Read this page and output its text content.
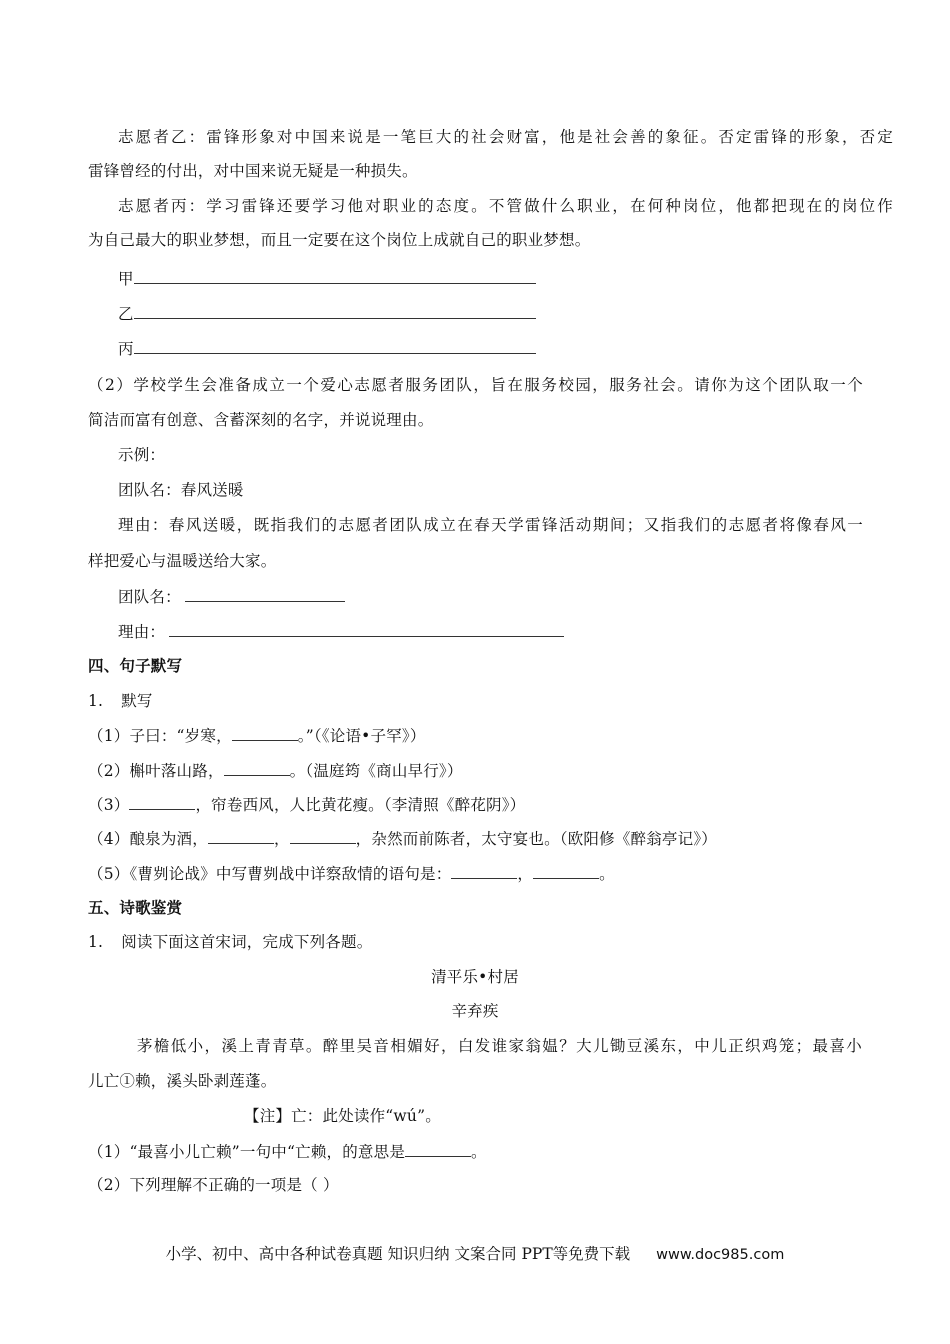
志愿者乙：雷锋形象对中国来说是一笔巨大的社会财富，他是社会善的象征。否定雷锋的形象，否定
雷锋曾经的付出，对中国来说无疑是一种损失。
志愿者丙：学习雷锋还要学习他对职业的态度。不管做什么职业，在何种岗位，他都把现在的岗位作
为自己最大的职业梦想，而且一定要在这个岗位上成就自己的职业梦想。
甲
乙
丙
（2）学校学生会准备成立一个爱心志愿者服务团队，旨在服务校园，服务社会。请你为这个团队取一个
简洁而富有创意、含蓄深刻的名字，并说说理由。
示例：
团队名：春风送暖
理由：春风送暖，既指我们的志愿者团队成立在春天学雷锋活动期间；又指我们的志愿者将像春风一
样把爱心与温暖送给大家。
团队名：
理由：
四、句子默写
1. 默写
（1）子曰：“岁寒，	。”（《论语•子罕》）
（2）槲叶落山路，	。（温庭筠《商山早行》）
（3）	，帘卷西风，人比黄花瘦。（李清照《醉花阴》）
（4）酿泉为酒，	，	，杂然而前陈者，太守宴也。（欧阳修《醉翁亭记》）
（5）《曹刿论战》中写曹刿战中详察敌情的语句是：	，	。
五、诗歌鉴赏
1. 阅读下面这首宋词，完成下列各题。
清平乐•村居
辛弃疾
茅檐低小，溪上青青草。醉里吴音相媚好，白发谁家翁媪？大儿锄豆溪东，中儿正织鸡笼；最喜小
儿亡①赖，溪头卧剥莲蓬。
【注】亡：此处读作“wú”。
（1）“最喜小儿亡赖”一句中“亡赖，的意思是	。
（2）下列理解不正确的一项是（ ）
小学、初中、高中各种试卷真题 知识归纳 文案合同 PPT等免费下载 www.doc985.com
